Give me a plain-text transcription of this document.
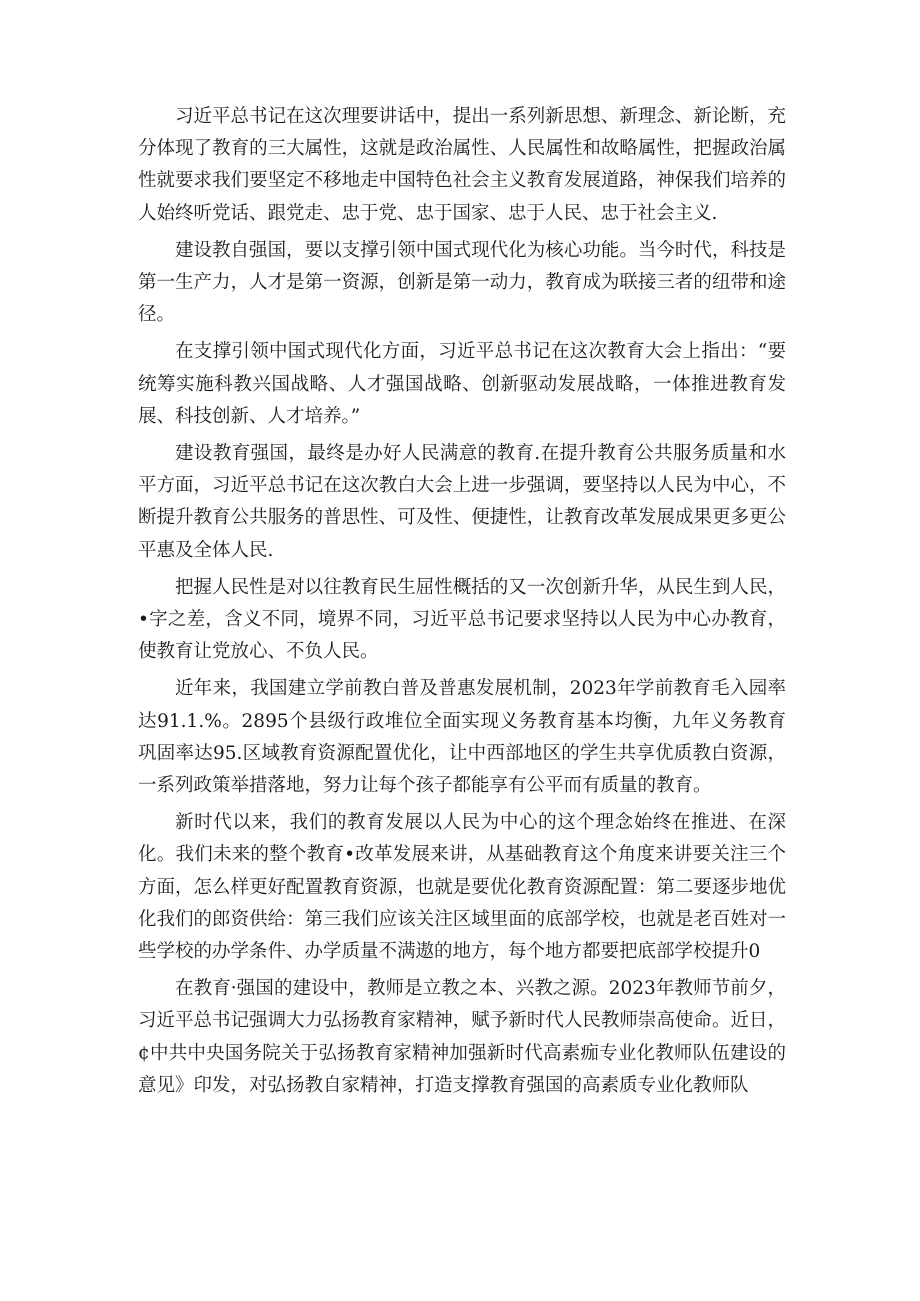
习近平总书记在这次理要讲话中，提出一系列新思想、新理念、新论断，充分体现了教育的三大属性，这就是政治属性、人民属性和故略属性，把握政治属性就要求我们要坚定不移地走中国特色社会主义教育发展道路，神保我们培养的人始终听党话、跟党走、忠于党、忠于国家、忠于人民、忠于社会主义.

建设教自强国，要以支撑引领中国式现代化为核心功能。当今时代，科技是第一生产力，人才是第一资源，创新是第一动力，教育成为联接三者的纽带和途径。

在支撑引领中国式现代化方面，习近平总书记在这次教育大会上指出：“要统筹实施科教兴国战略、人才强国战略、创新驱动发展战略，一体推进教育发展、科技创新、人才培养。”

建设教育强国，最终是办好人民满意的教育.在提升教育公共服务质量和水平方面，习近平总书记在这次教白大会上进一步强调，要坚持以人民为中心，不断提升教育公共服务的普思性、可及性、便捷性，让教育改革发展成果更多更公平惠及全体人民.

把握人民性是对以往教育民生屈性概括的又一次创新升华，从民生到人民，•字之差，含义不同，境界不同，习近平总书记要求坚持以人民为中心办教育，使教育让党放心、不负人民。

近年来，我国建立学前教白普及普惠发展机制，2023年学前教育毛入园率达91.1.%。2895个县级行政堆位全面实现义务教育基本均衡，九年义务教育巩固率达95.区域教育资源配置优化，让中西部地区的学生共享优质教白资源，一系列政策举措落地，努力让每个孩子都能享有公平而有质量的教育。

新时代以来，我们的教育发展以人民为中心的这个理念始终在推进、在深化。我们未来的整个教育•改革发展来讲，从基础教育这个角度来讲要关注三个方面，怎么样更好配置教育资源，也就是要优化教育资源配置：第二要逐步地优化我们的郎资供给：第三我们应该关注区域里面的底部学校，也就是老百姓对一些学校的办学条件、办学质量不满遨的地方，每个地方都要把底部学校提升0

在教育·强国的建设中，教师是立教之本、兴教之源。2023年教师节前夕，习近平总书记强调大力弘扬教育家精神，赋予新时代人民教师崇高使命。近日，¢中共中央国务院关于弘扬教育家精神加强新时代高素痂专业化教师队伍建设的意见》印发，对弘扬教自家精神，打造支撑教育强国的高素质专业化教师队
